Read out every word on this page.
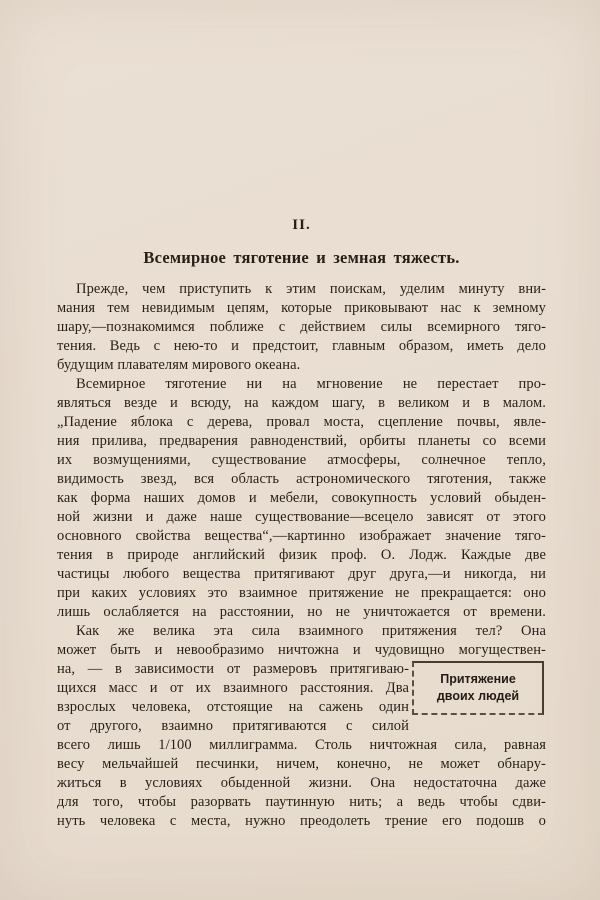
II.
Всемирное тяготение и земная тяжесть.
Прежде, чем приступить к этим поискам, уделим минуту вни-
мания тем невидимым цепям, которые приковывают нас к земному
шару,—познакомимся поближе с действием силы всемирного тяго-
тения. Ведь с нею-то и предстоит, главным образом, иметь дело
будущим плавателям мирового океана.
Всемирное тяготение ни на мгновение не перестает про-
являться везде и всюду, на каждом шагу, в великом и в малом.
„Падение яблока с дерева, провал моста, сцепление почвы, явле-
ния прилива, предварения равноденствий, орбиты планеты со всеми
их возмущениями, существование атмосферы, солнечное тепло,
видимость звезд, вся область астрономического тяготения, также
как форма наших домов и мебели, совокупность условий обыден-
ной жизни и даже наше существование—всецело зависят от этого
основного свойства вещества“,—картинно изображает значение тяго-
тения в природе английский физик проф. О. Лодж. Каждые две
частицы любого вещества притягивают друг друга,—и никогда, ни
при каких условиях это взаимное притяжение не прекращается: оно
лишь ослабляется на расстоянии, но не уничтожается от времени.
Как же велика эта сила взаимного притяжения тел? Она
может быть и невообразимо ничтожна и чудовищно могуществен-
на, — в зависимости от размеровъ притягиваю-
щихся масс и от их взаимного расстояния. Два
взрослых человека, отстоящие на сажень один
от другого, взаимно притягиваются с силой
Притяжение
двоих людей
всего лишь 1/100 миллиграмма. Столь ничтожная сила, равная
весу мельчайшей песчинки, ничем, конечно, не может обнару-
житься в условиях обыденной жизни. Она недостаточна даже
для того, чтобы разорвать паутинную нить; а ведь чтобы сдви-
нуть человека с места, нужно преодолеть трение его подошв о
